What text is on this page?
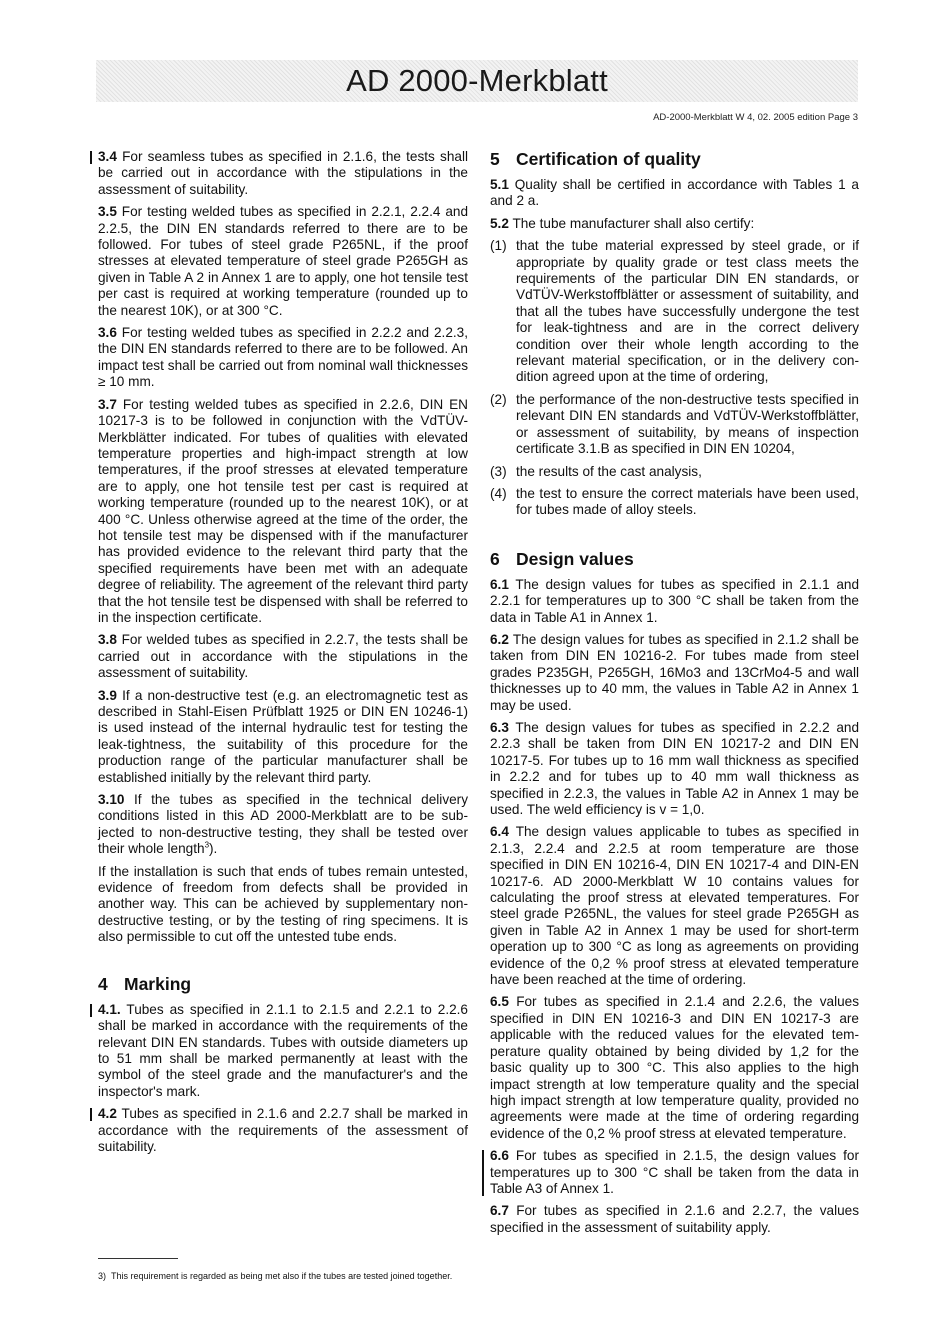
AD 2000-Merkblatt
AD-2000-Merkblatt W 4, 02. 2005 edition Page 3

3.4 For seamless tubes as specified in 2.1.6, the tests shall be carried out in accordance with the stipulations in the assessment of suitability.

3.5 For testing welded tubes as specified in 2.2.1, 2.2.4 and 2.2.5, the DIN EN standards referred to there are to be followed. For tubes of steel grade P265NL, if the proof stresses at elevated temperature of steel grade P265GH as given in Table A 2 in Annex 1 are to apply, one hot tensile test per cast is required at working temperature (rounded up to the nearest 10K), or at 300 °C.

3.6 For testing welded tubes as specified in 2.2.2 and 2.2.3, the DIN EN standards referred to there are to be followed. An impact test shall be carried out from nominal wall thicknesses ≥ 10 mm.

3.7 For testing welded tubes as specified in 2.2.6, DIN EN 10217-3 is to be followed in conjunction with the VdTÜV-Merkblätter indicated. For tubes of qualities with elevated temperature properties and high-impact strength at low temperatures, if the proof stresses at elevated temperature are to apply, one hot tensile test per cast is required at working temperature (rounded up to the nearest 10K), or at 400 °C. Unless otherwise agreed at the time of the order, the hot tensile test may be dispensed with if the manufacturer has provided evidence to the relevant third party that the specified requirements have been met with an adequate degree of reliability. The agreement of the relevant third party that the hot tensile test be dispensed with shall be referred to in the inspection certificate.

3.8 For welded tubes as specified in 2.2.7, the tests shall be carried out in accordance with the stipulations in the assessment of suitability.

3.9 If a non-destructive test (e.g. an electromagnetic test as described in Stahl-Eisen Prüfblatt 1925 or DIN EN 10246-1) is used instead of the internal hydraulic test for testing the leak-tightness, the suitability of this procedure for the production range of the particular manufacturer shall be established initially by the relevant third party.

3.10 If the tubes as specified in the technical delivery conditions listed in this AD 2000-Merkblatt are to be subjected to non-destructive testing, they shall be tested over their whole length$^3$).

If the installation is such that ends of tubes remain untested, evidence of freedom from defects shall be provided in another way. This can be achieved by supplementary non-destructive testing, or by the testing of ring specimens. It is also permissible to cut off the untested tube ends.

4 Marking

4.1. Tubes as specified in 2.1.1 to 2.1.5 and 2.2.1 to 2.2.6 shall be marked in accordance with the requirements of the relevant DIN EN standards. Tubes with outside diameters up to 51 mm shall be marked permanently at least with the symbol of the steel grade and the manufacturer's and the inspector's mark.

4.2 Tubes as specified in 2.1.6 and 2.2.7 shall be marked in accordance with the requirements of the assessment of suitability.

3) This requirement is regarded as being met also if the tubes are tested joined together.
5 Certification of quality

5.1 Quality shall be certified in accordance with Tables 1 a and 2 a.

5.2 The tube manufacturer shall also certify:

(1) that the tube material expressed by steel grade, or if appropriate by quality grade or test class meets the requirements of the particular DIN EN standards, or VdTÜV-Werkstoffblätter or assessment of suitability, and that all the tubes have successfully undergone the test for leak-tightness and are in the correct delivery condition over their whole length according to the relevant material specification, or in the delivery condition agreed upon at the time of ordering,
(2) the performance of the non-destructive tests specified in relevant DIN EN standards and VdTÜV-Werkstoffblätter, or assessment of suitability, by means of inspection certificate 3.1.B as specified in DIN EN 10204,
(3) the results of the cast analysis,
(4) the test to ensure the correct materials have been used, for tubes made of alloy steels.
6 Design values

6.1 The design values for tubes as specified in 2.1.1 and 2.2.1 for temperatures up to 300 °C shall be taken from the data in Table A1 in Annex 1.

6.2 The design values for tubes as specified in 2.1.2 shall be taken from DIN EN 10216-2. For tubes made from steel grades P235GH, P265GH, 16Mo3 and 13CrMo4-5 and wall thicknesses up to 40 mm, the values in Table A2 in Annex 1 may be used.

6.3 The design values for tubes as specified in 2.2.2 and 2.2.3 shall be taken from DIN EN 10217-2 and DIN EN 10217-5. For tubes up to 16 mm wall thickness as specified in 2.2.2 and for tubes up to 40 mm wall thickness as specified in 2.2.3, the values in Table A2 in Annex 1 may be used. The weld efficiency is v = 1,0.

6.4 The design values applicable to tubes as specified in 2.1.3, 2.2.4 and 2.2.5 at room temperature are those specified in DIN EN 10216-4, DIN EN 10217-4 and DIN-EN 10217-6. AD 2000-Merkblatt W 10 contains values for calculating the proof stress at elevated temperatures. For steel grade P265NL, the values for steel grade P265GH as given in Table A2 in Annex 1 may be used for short-term operation up to 300 °C as long as agreements on providing evidence of the 0,2 % proof stress at elevated temperature have been reached at the time of ordering.

6.5 For tubes as specified in 2.1.4 and 2.2.6, the values specified in DIN EN 10216-3 and DIN EN 10217-3 are applicable with the reduced values for the elevated temperature quality obtained by being divided by 1,2 for the basic quality up to 300 °C. This also applies to the high impact strength at low temperature quality and the special high impact strength at low temperature quality, provided no agreements were made at the time of ordering regarding evidence of the 0,2 % proof stress at elevated temperature.

6.6 For tubes as specified in 2.1.5, the design values for temperatures up to 300 °C shall be taken from the data in Table A3 of Annex 1.

6.7 For tubes as specified in 2.1.6 and 2.2.7, the values specified in the assessment of suitability apply.
